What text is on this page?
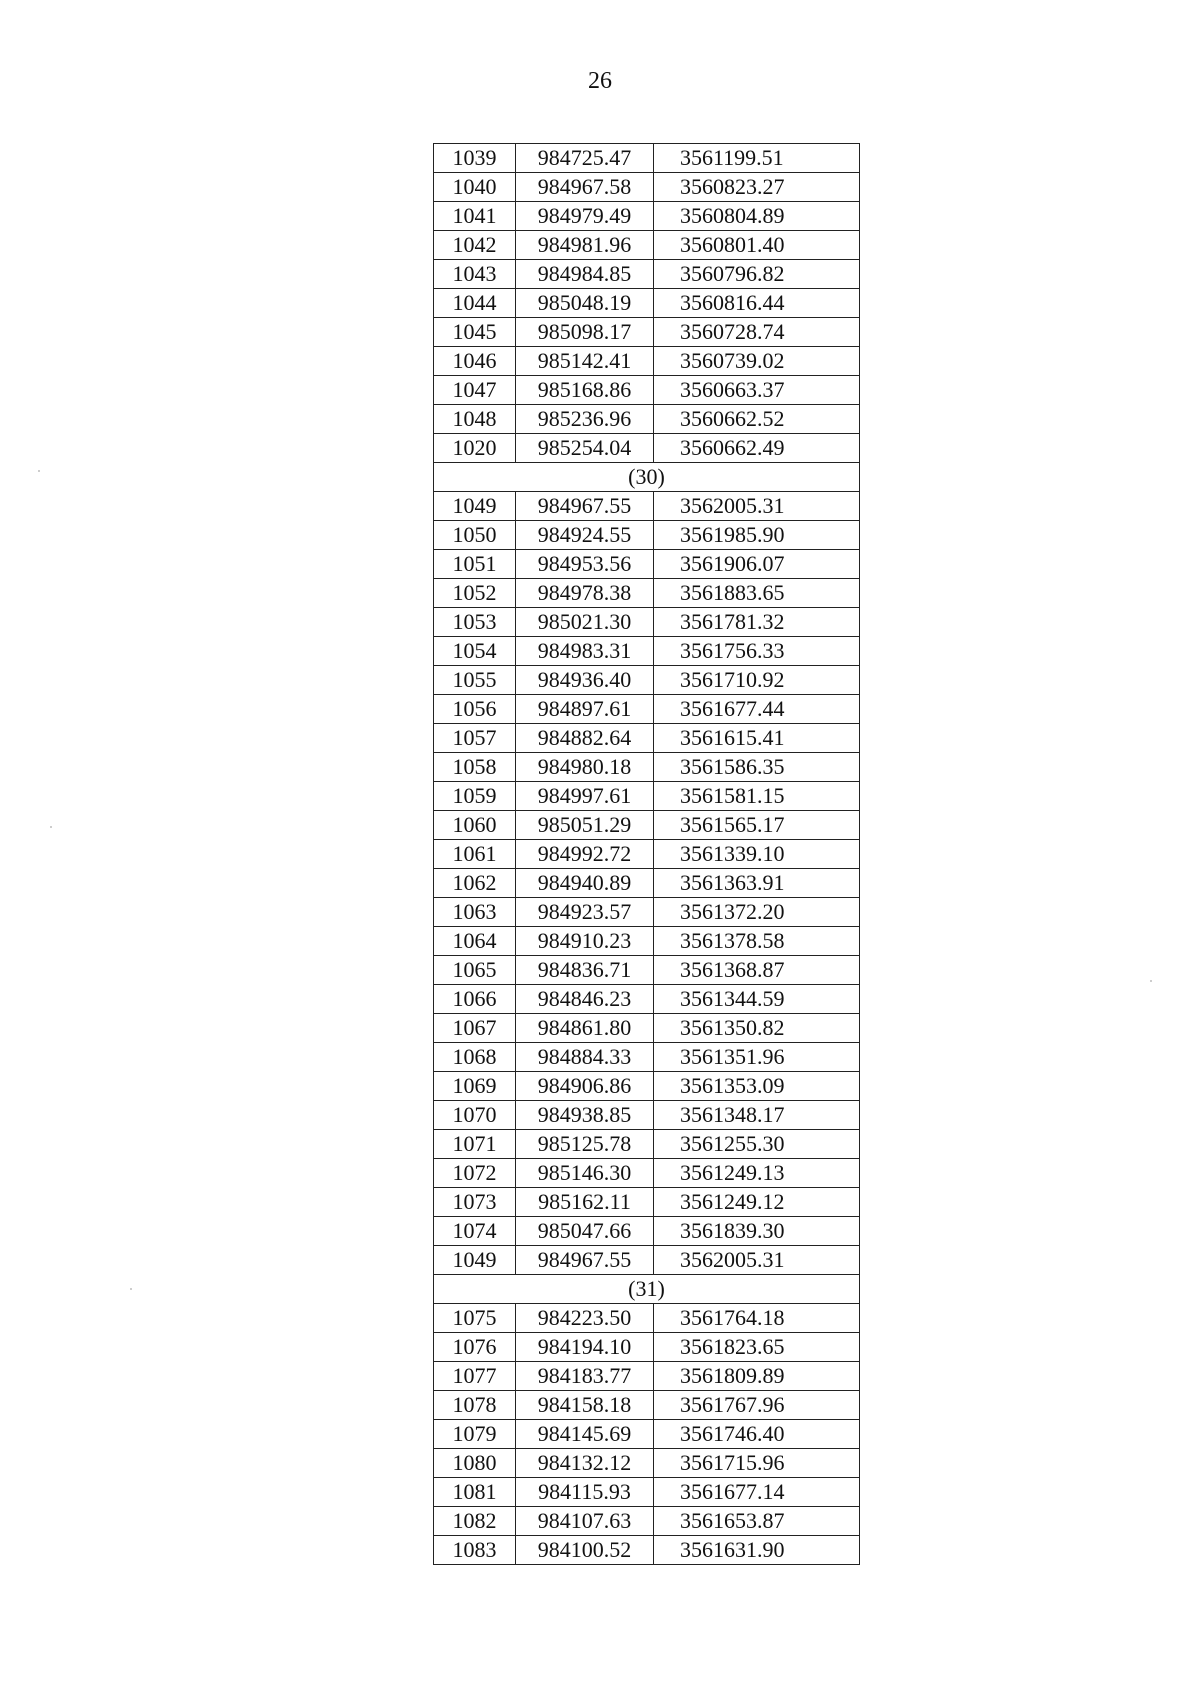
26
1039	984725.47	3561199.51
1040	984967.58	3560823.27
1041	984979.49	3560804.89
1042	984981.96	3560801.40
1043	984984.85	3560796.82
1044	985048.19	3560816.44
1045	985098.17	3560728.74
1046	985142.41	3560739.02
1047	985168.86	3560663.37
1048	985236.96	3560662.52
1020	985254.04	3560662.49
(30)		
1049	984967.55	3562005.31
1050	984924.55	3561985.90
1051	984953.56	3561906.07
1052	984978.38	3561883.65
1053	985021.30	3561781.32
1054	984983.31	3561756.33
1055	984936.40	3561710.92
1056	984897.61	3561677.44
1057	984882.64	3561615.41
1058	984980.18	3561586.35
1059	984997.61	3561581.15
1060	985051.29	3561565.17
1061	984992.72	3561339.10
1062	984940.89	3561363.91
1063	984923.57	3561372.20
1064	984910.23	3561378.58
1065	984836.71	3561368.87
1066	984846.23	3561344.59
1067	984861.80	3561350.82
1068	984884.33	3561351.96
1069	984906.86	3561353.09
1070	984938.85	3561348.17
1071	985125.78	3561255.30
1072	985146.30	3561249.13
1073	985162.11	3561249.12
1074	985047.66	3561839.30
1049	984967.55	3562005.31
(31)		
1075	984223.50	3561764.18
1076	984194.10	3561823.65
1077	984183.77	3561809.89
1078	984158.18	3561767.96
1079	984145.69	3561746.40
1080	984132.12	3561715.96
1081	984115.93	3561677.14
1082	984107.63	3561653.87
1083	984100.52	3561631.90
